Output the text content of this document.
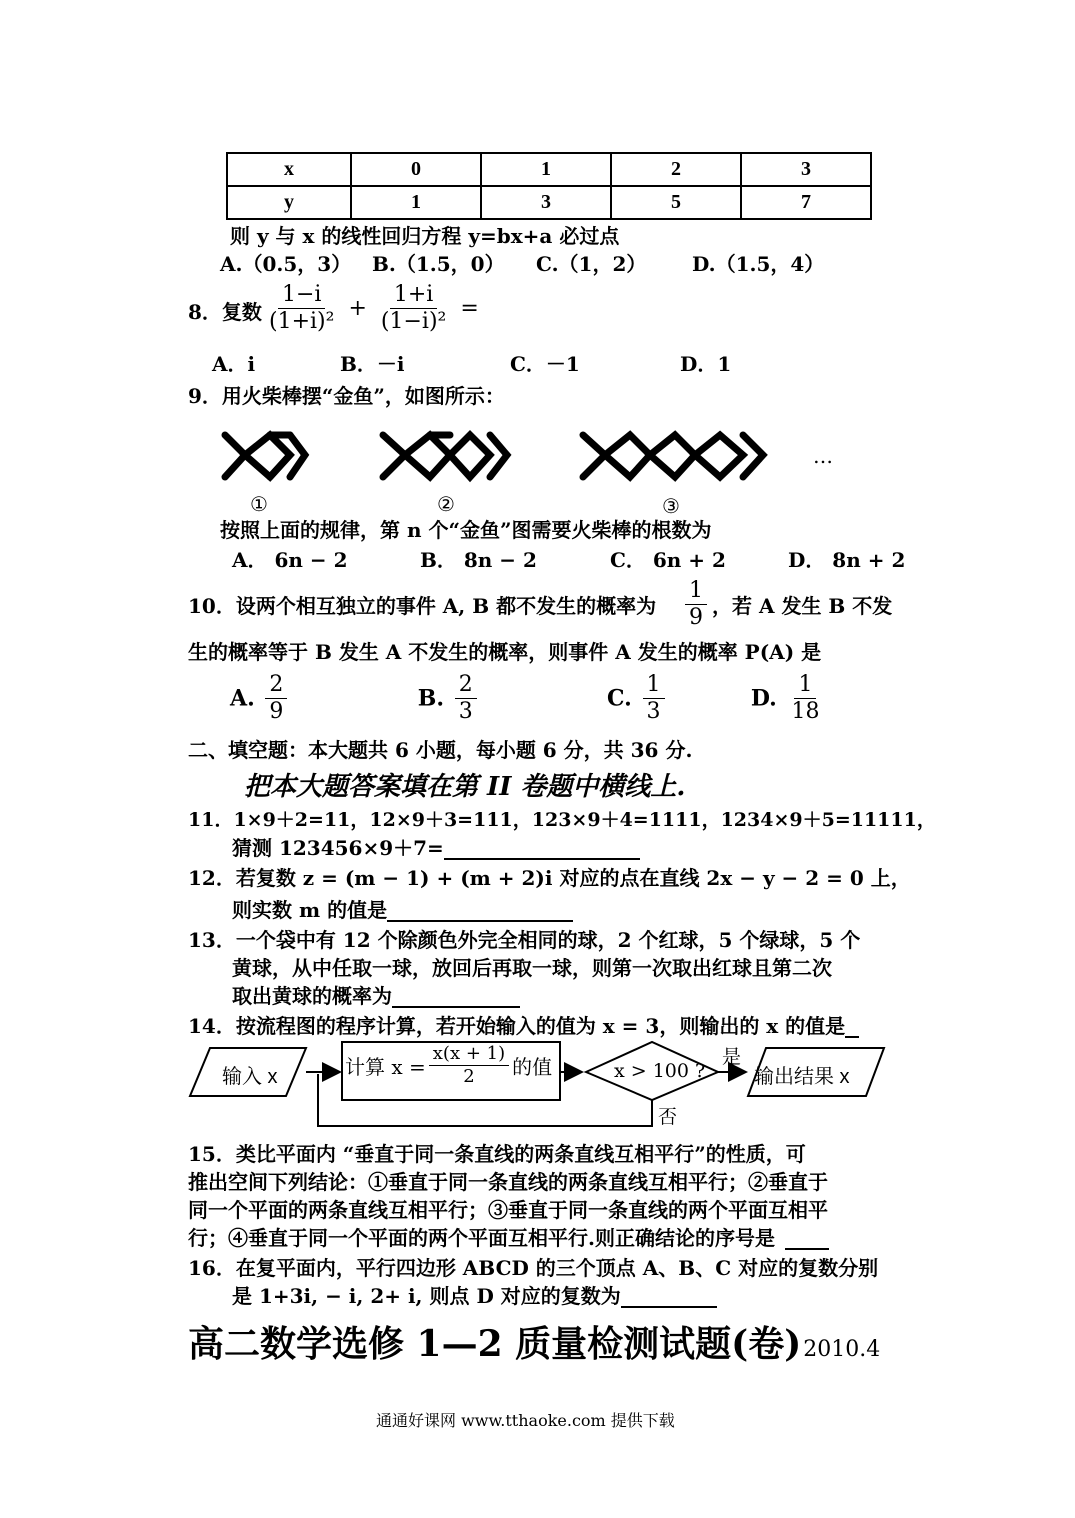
x	0	1	2	3
y	1	3	5	7
则 y 与 x 的线性回归方程 y=bx+a 必过点
A.（0.5，3） B.（1.5，0） C.（1，2） D.（1.5，4）
8．复数 $\frac{1-i}{\text{(1+i)²}} + \frac{1+i}{\text{(1−i)²}}$ =
A．i	B．－i	C．－1	D．1
9．用火柴棒摆“金鱼”，如图所示：
…
①	②	③
按照上面的规律，第 n 个“金鱼”图需要火柴棒的根数为
A． 6n − 2	B． 8n − 2	C． 6n + 2	D． 8n + 2
10．设两个相互独立的事件 A, B 都不发生的概率为 $\frac{1}{9}$ ，若 A 发生 B 不发
生的概率等于 B 发生 A 不发生的概率，则事件 A 发生的概率 P(A) 是
A. $\frac{2}{9}$	B. $\frac{2}{3}$	C. $\frac{1}{3}$	D. $\frac{1}{18}$
二、填空题：本大题共 6 小题，每小题 6 分，共 36 分.
把本大题答案填在第 II 卷题中横线上.
11．1×9＋2=11，12×9＋3=111，123×9＋4=1111，1234×9＋5=11111，
猜测 123456×9＋7=
12．若复数 z = (m − 1) + (m + 2)i 对应的点在直线 2x − y − 2 = 0 上，
则实数 m 的值是
13．一个袋中有 12 个除颜色外完全相同的球，2 个红球，5 个绿球，5 个
黄球，从中任取一球，放回后再取一球，则第一次取出红球且第二次
取出黄球的概率为
14．按流程图的程序计算，若开始输入的值为 x = 3，则输出的 x 的值是
输入 x	计算 $x = \frac{x(x + 1)}{2}$ 的值	x > 100 ?
是
否
输出结果 x
15．类比平面内 “垂直于同一条直线的两条直线互相平行”的性质，可
推出空间下列结论：①垂直于同一条直线的两条直线互相平行；②垂直于
同一个平面的两条直线互相平行；③垂直于同一条直线的两个平面互相平
行；④垂直于同一个平面的两个平面互相平行.则正确结论的序号是
16．在复平面内，平行四边形 ABCD 的三个顶点 A、B、C 对应的复数分别
是 1+3i, − i, 2+ i, 则点 D 对应的复数为
高二数学选修 1—2 质量检测试题(卷) 2010.4
通通好课网 www.tthaoke.com 提供下载
